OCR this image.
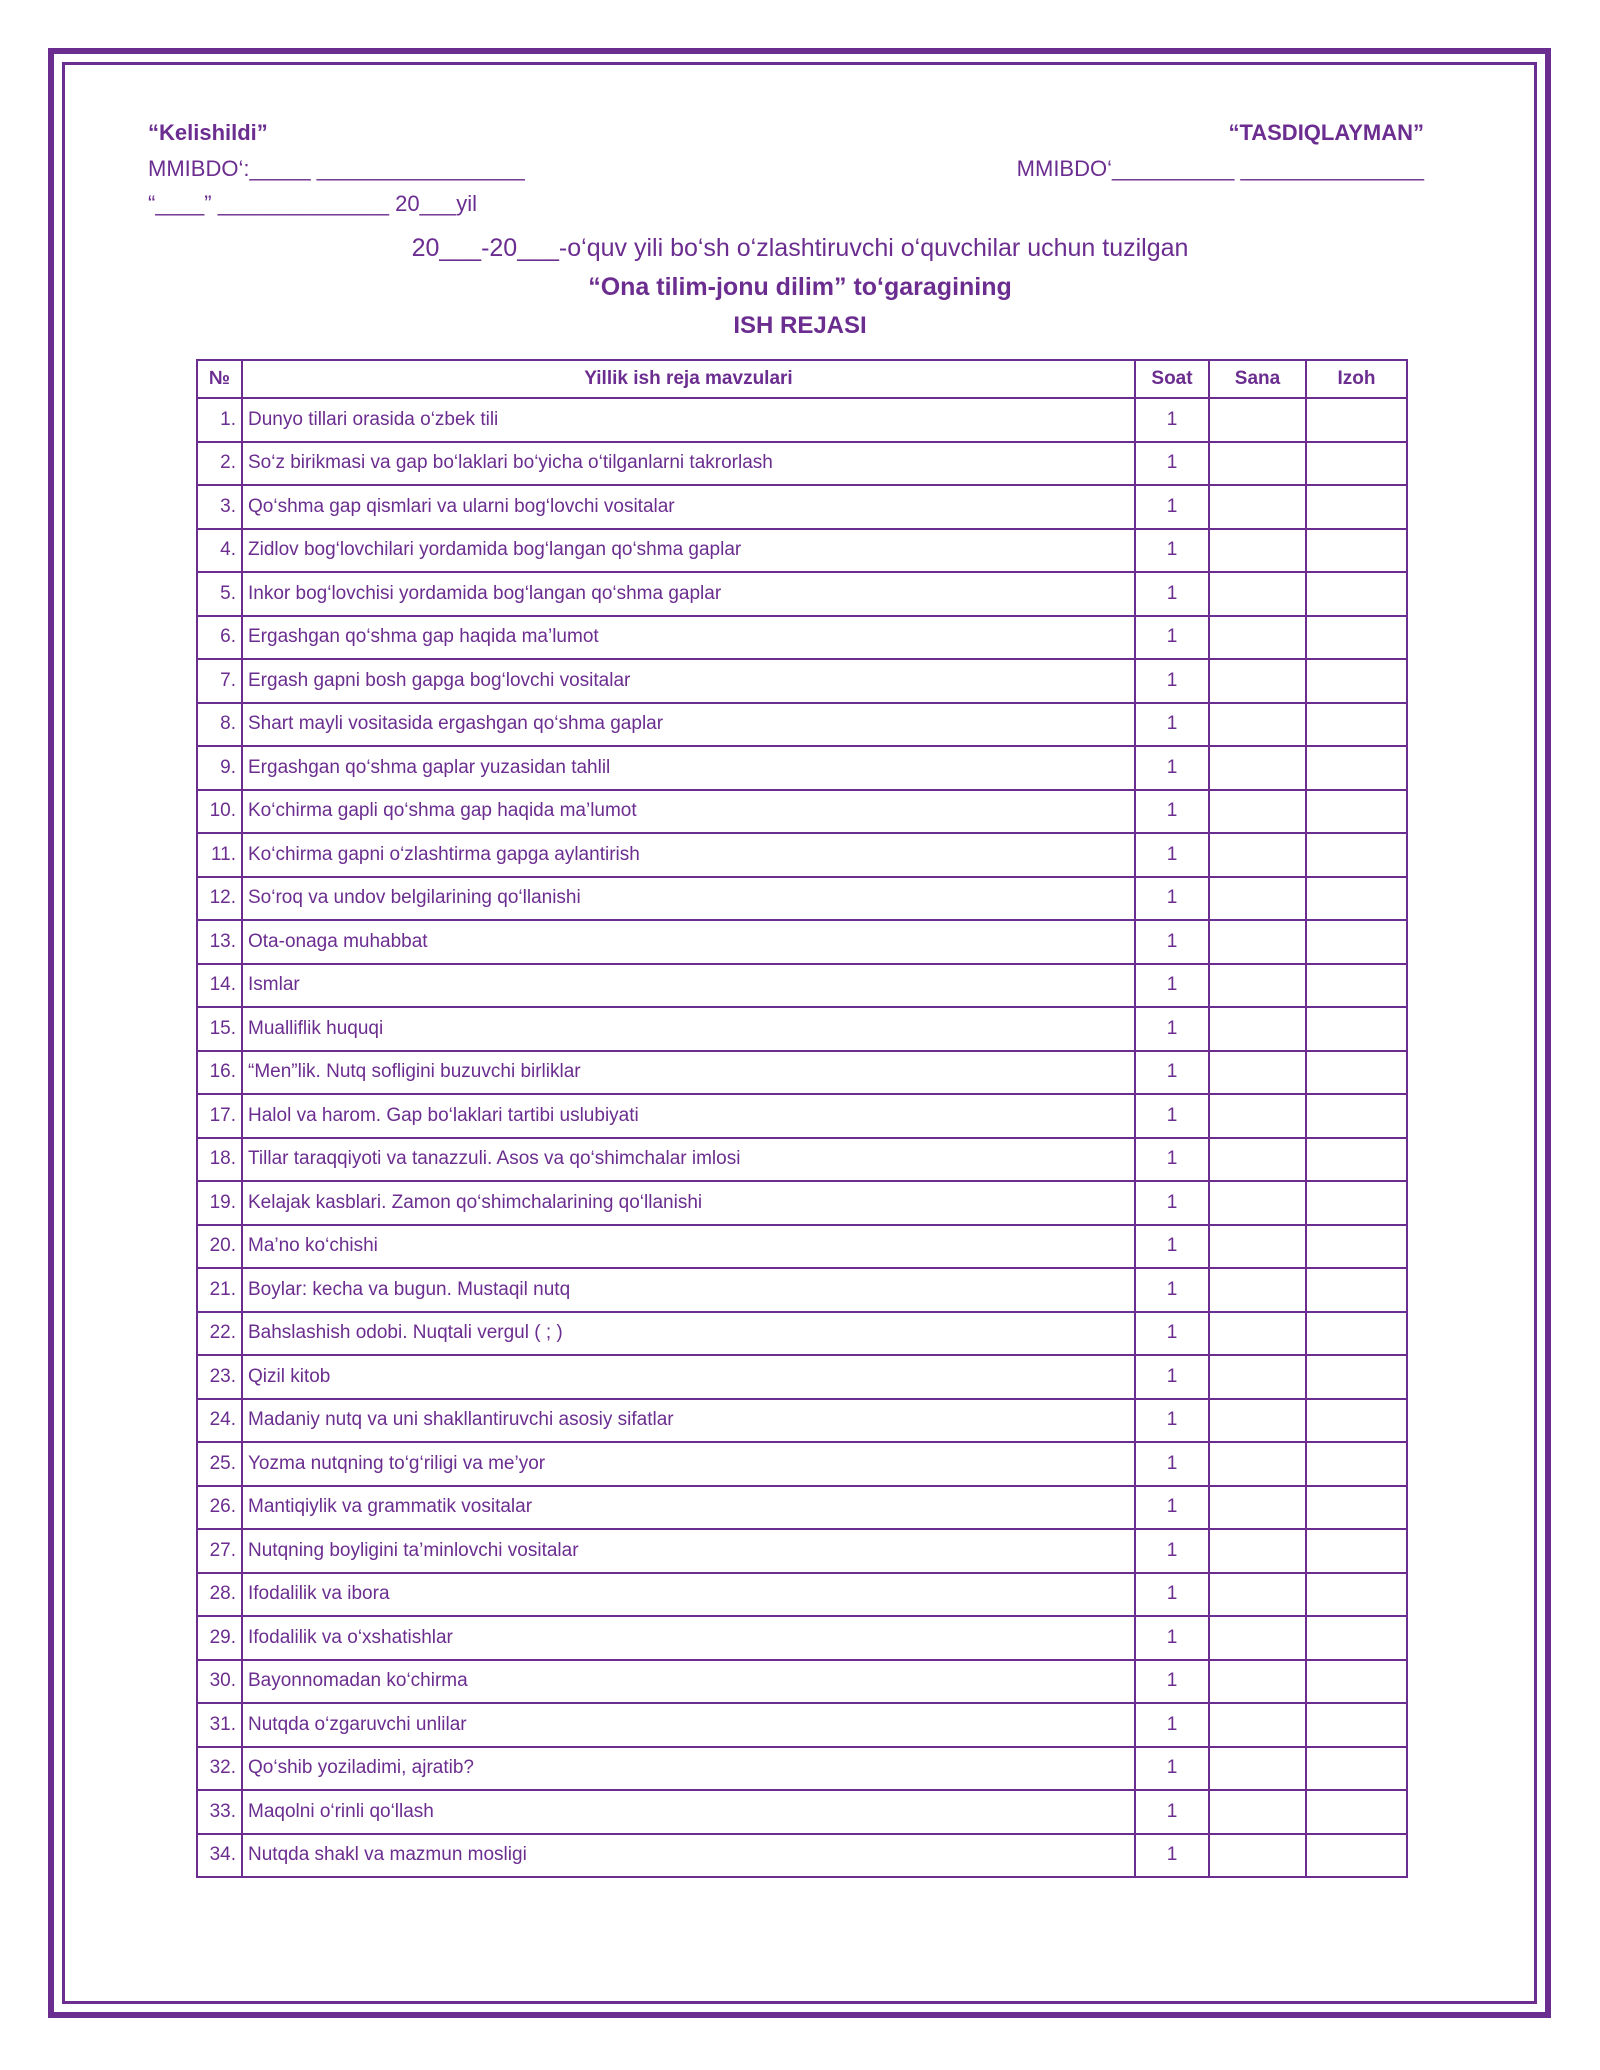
“Kelishildi”
MMIBDO‘:_____ _________________
“____” ______________ 20___yil
“TASDIQLAYMAN”
MMIBDO‘__________ _______________
20___-20___-o‘quv yili bo‘sh o‘zlashtiruvchi o‘quvchilar uchun tuzilgan
“Ona tilim-jonu dilim” to‘garagining
ISH REJASI
№	Yillik ish reja mavzulari	Soat	Sana	Izoh
1.	Dunyo tillari orasida o‘zbek tili	1		
2.	So‘z birikmasi va gap bo‘laklari bo‘yicha o‘tilganlarni takrorlash	1		
3.	Qo‘shma gap qismlari va ularni bog‘lovchi vositalar	1		
4.	Zidlov bog‘lovchilari yordamida bog‘langan qo‘shma gaplar	1		
5.	Inkor bog‘lovchisi yordamida bog‘langan qo‘shma gaplar	1		
6.	Ergashgan qo‘shma gap haqida ma’lumot	1		
7.	Ergash gapni bosh gapga bog‘lovchi vositalar	1		
8.	Shart mayli vositasida ergashgan qo‘shma gaplar	1		
9.	Ergashgan qo‘shma gaplar yuzasidan tahlil	1		
10.	Ko‘chirma gapli qo‘shma gap haqida ma’lumot	1		
11.	Ko‘chirma gapni o‘zlashtirma gapga aylantirish	1		
12.	So‘roq va undov belgilarining qo‘llanishi	1		
13.	Ota-onaga muhabbat	1		
14.	Ismlar	1		
15.	Mualliflik huquqi	1		
16.	“Men”lik. Nutq sofligini buzuvchi birliklar	1		
17.	Halol va harom. Gap bo‘laklari tartibi uslubiyati	1		
18.	Tillar taraqqiyoti va tanazzuli. Asos va qo‘shimchalar imlosi	1		
19.	Kelajak kasblari. Zamon qo‘shimchalarining qo‘llanishi	1		
20.	Ma’no ko‘chishi	1		
21.	Boylar: kecha va bugun. Mustaqil nutq	1		
22.	Bahslashish odobi. Nuqtali vergul ( ; )	1		
23.	Qizil kitob	1		
24.	Madaniy nutq va uni shakllantiruvchi asosiy sifatlar	1		
25.	Yozma nutqning to‘g‘riligi va me’yor	1		
26.	Mantiqiylik va grammatik vositalar	1		
27.	Nutqning boyligini ta’minlovchi vositalar	1		
28.	Ifodalilik va ibora	1		
29.	Ifodalilik va o‘xshatishlar	1		
30.	Bayonnomadan ko‘chirma	1		
31.	Nutqda o‘zgaruvchi unlilar	1		
32.	Qo‘shib yoziladimi, ajratib?	1		
33.	Maqolni o‘rinli qo‘llash	1		
34.	Nutqda shakl va mazmun mosligi	1		
